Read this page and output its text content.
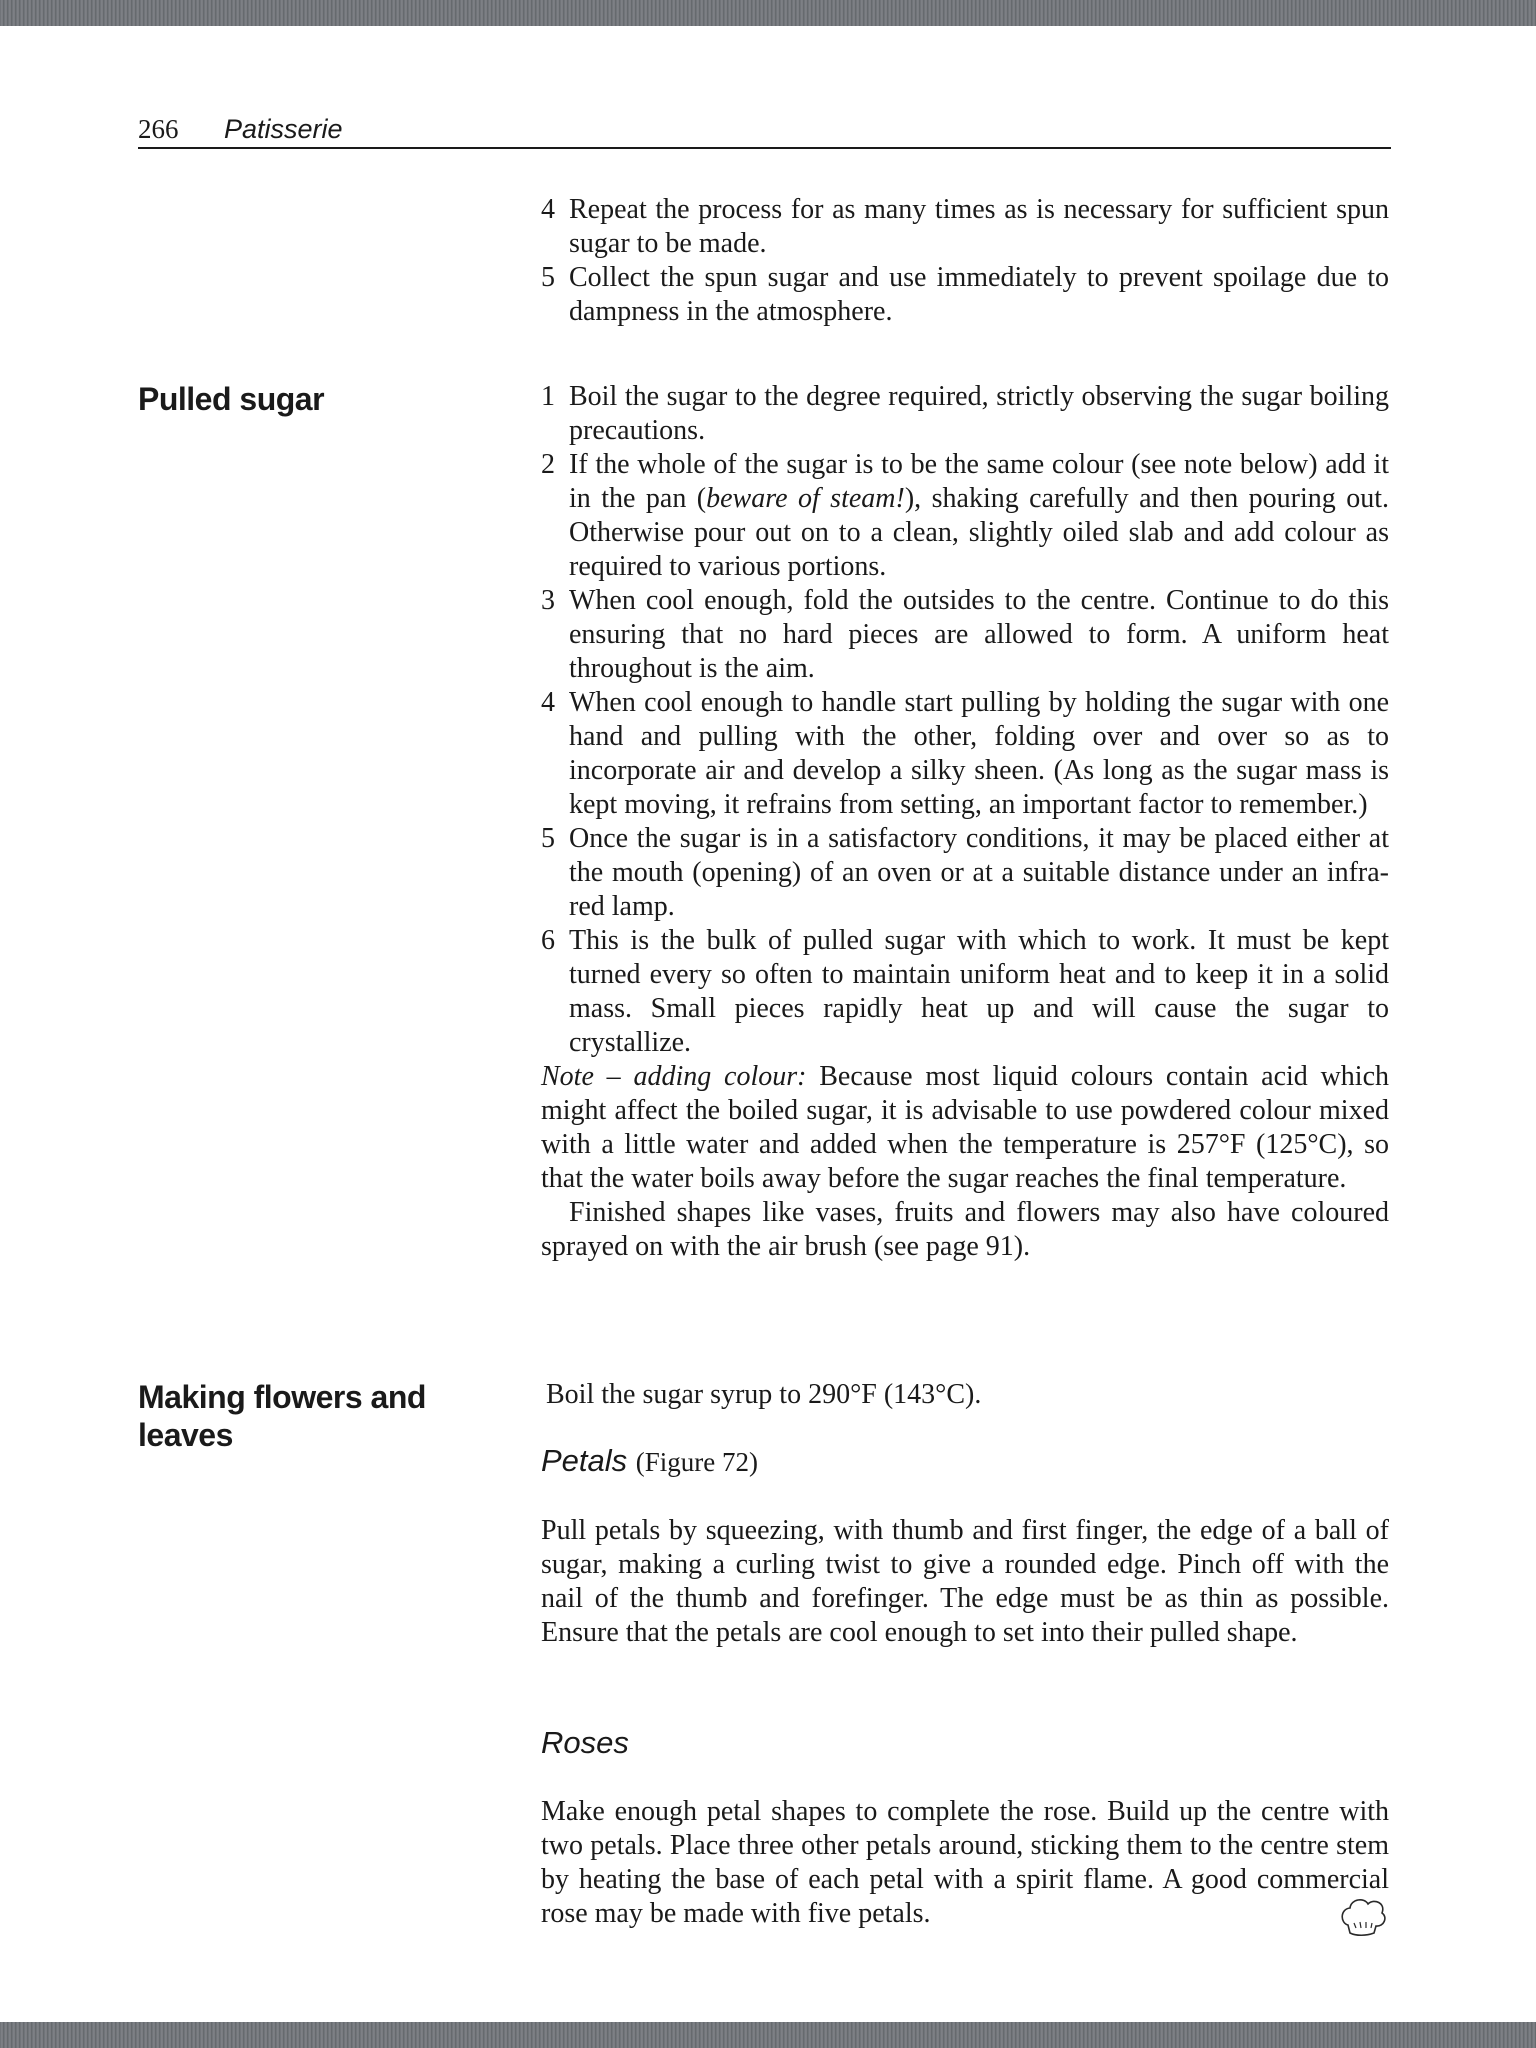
266 Patisserie
4 Repeat the process for as many times as is necessary for sufficient spun sugar to be made.
5 Collect the spun sugar and use immediately to prevent spoilage due to dampness in the atmosphere.
Pulled sugar	1 Boil the sugar to the degree required, strictly observing the sugar boiling precautions.
2 If the whole of the sugar is to be the same colour (see note below) add it in the pan (beware of steam!), shaking carefully and then pouring out. Otherwise pour out on to a clean, slightly oiled slab and add colour as required to various portions.
3 When cool enough, fold the outsides to the centre. Continue to do this ensuring that no hard pieces are allowed to form. A uniform heat throughout is the aim.
4 When cool enough to handle start pulling by holding the sugar with one hand and pulling with the other, folding over and over so as to incorporate air and develop a silky sheen. (As long as the sugar mass is kept moving, it refrains from setting, an important factor to remember.)
5 Once the sugar is in a satisfactory conditions, it may be placed either at the mouth (opening) of an oven or at a suitable distance under an infra-red lamp.
6 This is the bulk of pulled sugar with which to work. It must be kept turned every so often to maintain uniform heat and to keep it in a solid mass. Small pieces rapidly heat up and will cause the sugar to crystallize.

Note – adding colour: Because most liquid colours contain acid which might affect the boiled sugar, it is advisable to use powdered colour mixed with a little water and added when the temperature is 257°F (125°C), so that the water boils away before the sugar reaches the final temperature.

Finished shapes like vases, fruits and flowers may also have coloured sprayed on with the air brush (see page 91).

Making flowers and leaves
Boil the sugar syrup to 290°F (143°C).

Petals (Figure 72)

Pull petals by squeezing, with thumb and first finger, the edge of a ball of sugar, making a curling twist to give a rounded edge. Pinch off with the nail of the thumb and forefinger. The edge must be as thin as possible. Ensure that the petals are cool enough to set into their pulled shape.

Roses

Make enough petal shapes to complete the rose. Build up the centre with two petals. Place three other petals around, sticking them to the centre stem by heating the base of each petal with a spirit flame. A good commercial rose may be made with five petals.
